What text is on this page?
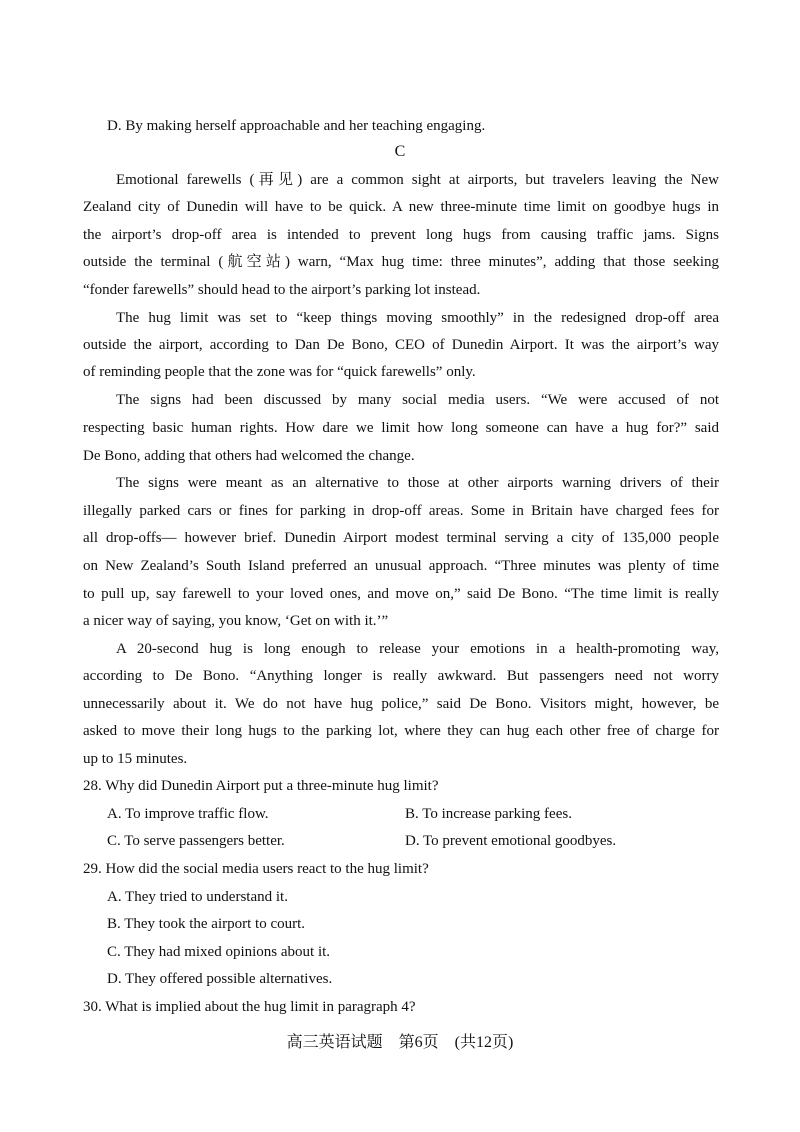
D. By making herself approachable and her teaching engaging.
C
Emotional farewells (再见) are a common sight at airports, but travelers leaving the New
Zealand city of Dunedin will have to be quick. A new three-minute time limit on goodbye hugs in
the airport’s drop-off area is intended to prevent long hugs from causing traffic jams. Signs
outside the terminal (航空站) warn, “Max hug time: three minutes”, adding that those seeking
“fonder farewells” should head to the airport’s parking lot instead.
The hug limit was set to “keep things moving smoothly” in the redesigned drop-off area
outside the airport, according to Dan De Bono, CEO of Dunedin Airport. It was the airport’s way
of reminding people that the zone was for “quick farewells” only.
The signs had been discussed by many social media users. “We were accused of not
respecting basic human rights. How dare we limit how long someone can have a hug for?” said
De Bono, adding that others had welcomed the change.
The signs were meant as an alternative to those at other airports warning drivers of their
illegally parked cars or fines for parking in drop-off areas. Some in Britain have charged fees for
all drop-offs— however brief. Dunedin Airport modest terminal serving a city of 135,000 people
on New Zealand’s South Island preferred an unusual approach. “Three minutes was plenty of time
to pull up, say farewell to your loved ones, and move on,” said De Bono. “The time limit is really
a nicer way of saying, you know, ‘Get on with it.’”
A 20-second hug is long enough to release your emotions in a health-promoting way,
according to De Bono. “Anything longer is really awkward. But passengers need not worry
unnecessarily about it. We do not have hug police,” said De Bono. Visitors might, however, be
asked to move their long hugs to the parking lot, where they can hug each other free of charge for
up to 15 minutes.
28. Why did Dunedin Airport put a three-minute hug limit?
A. To improve traffic flow.	B. To increase parking fees.
C. To serve passengers better.	D. To prevent emotional goodbyes.
29. How did the social media users react to the hug limit?
A. They tried to understand it.
B. They took the airport to court.
C. They had mixed opinions about it.
D. They offered possible alternatives.
30. What is implied about the hug limit in paragraph 4?
高三英语试题　第6页　(共12页)
